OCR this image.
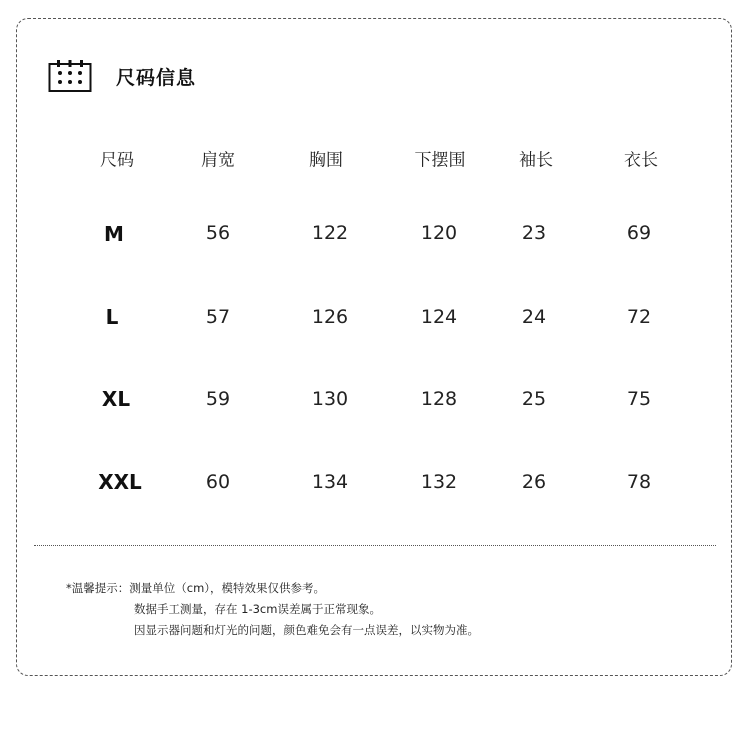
尺码信息
尺码	肩宽	胸围	下摆围	袖长	衣长
M	56	122	120	23	69
L	57	126	124	24	72
XL	59	130	128	25	75
XXL	60	134	132	26	78
*温馨提示：测量单位（cm），模特效果仅供参考。
数据手工测量，存在 1-3cm误差属于正常现象。
因显示器问题和灯光的问题，颜色难免会有一点误差，以实物为准。
